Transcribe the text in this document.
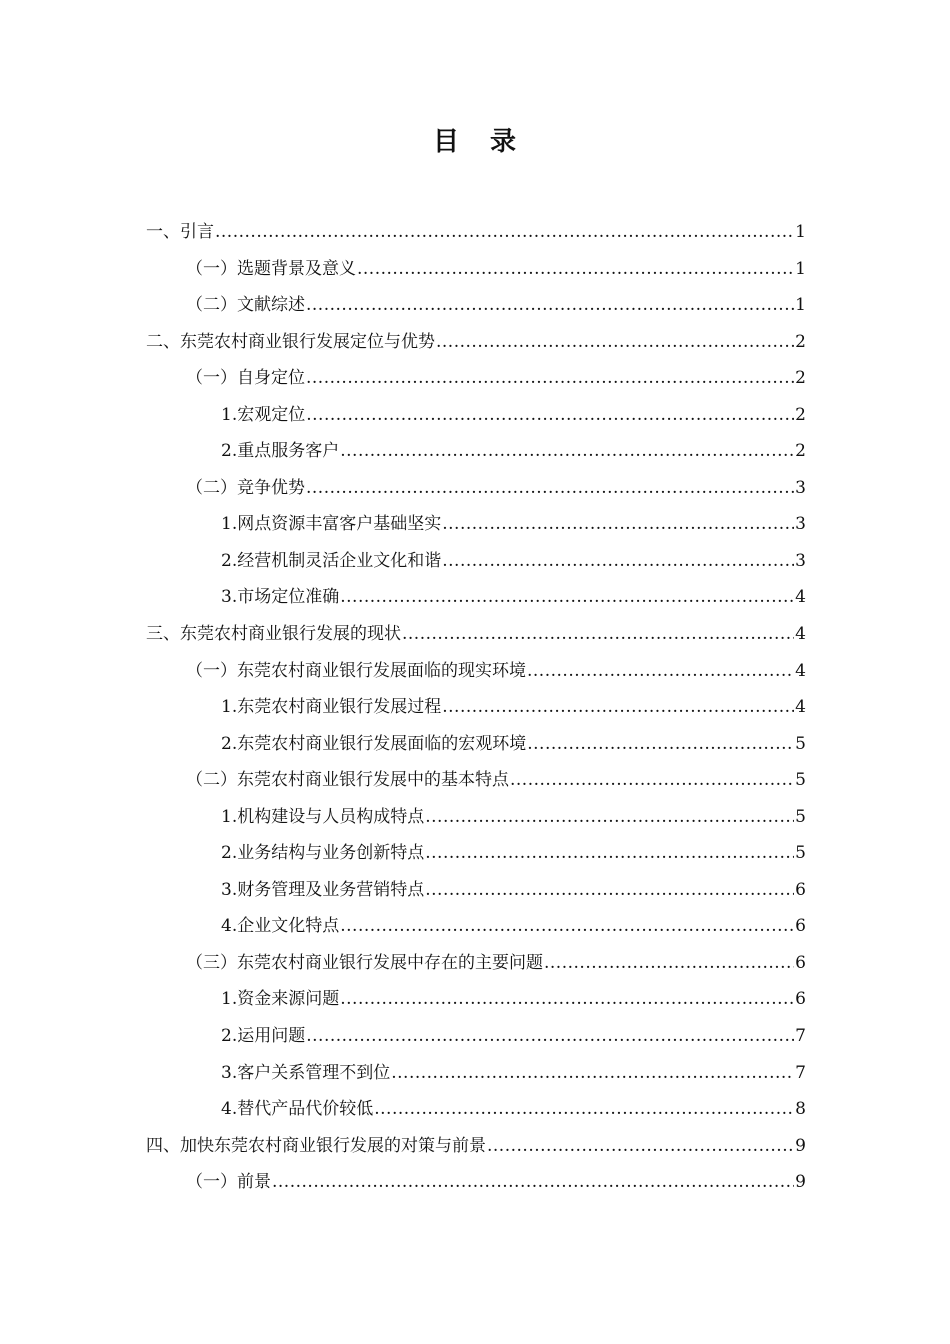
目 录
一、引言 .....	1
（一）选题背景及意义 .....	1
（二）文献综述 .....	1
二、东莞农村商业银行发展定位与优势 .....	2
（一）自身定位 .....	2
1.宏观定位 .....	2
2.重点服务客户 .....	2
（二）竞争优势 .....	3
1.网点资源丰富客户基础坚实 .....	3
2.经营机制灵活企业文化和谐 .....	3
3.市场定位准确 .....	4
三、东莞农村商业银行发展的现状 .....	4
（一）东莞农村商业银行发展面临的现实环境 .....	4
1.东莞农村商业银行发展过程 .....	4
2.东莞农村商业银行发展面临的宏观环境 .....	5
（二）东莞农村商业银行发展中的基本特点 .....	5
1.机构建设与人员构成特点 .....	5
2.业务结构与业务创新特点 .....	5
3.财务管理及业务营销特点 .....	6
4.企业文化特点 .....	6
（三）东莞农村商业银行发展中存在的主要问题 .....	6
1.资金来源问题 .....	6
2.运用问题 .....	7
3.客户关系管理不到位 .....	7
4.替代产品代价较低 .....	8
四、加快东莞农村商业银行发展的对策与前景 .....	9
（一）前景 .....	9
